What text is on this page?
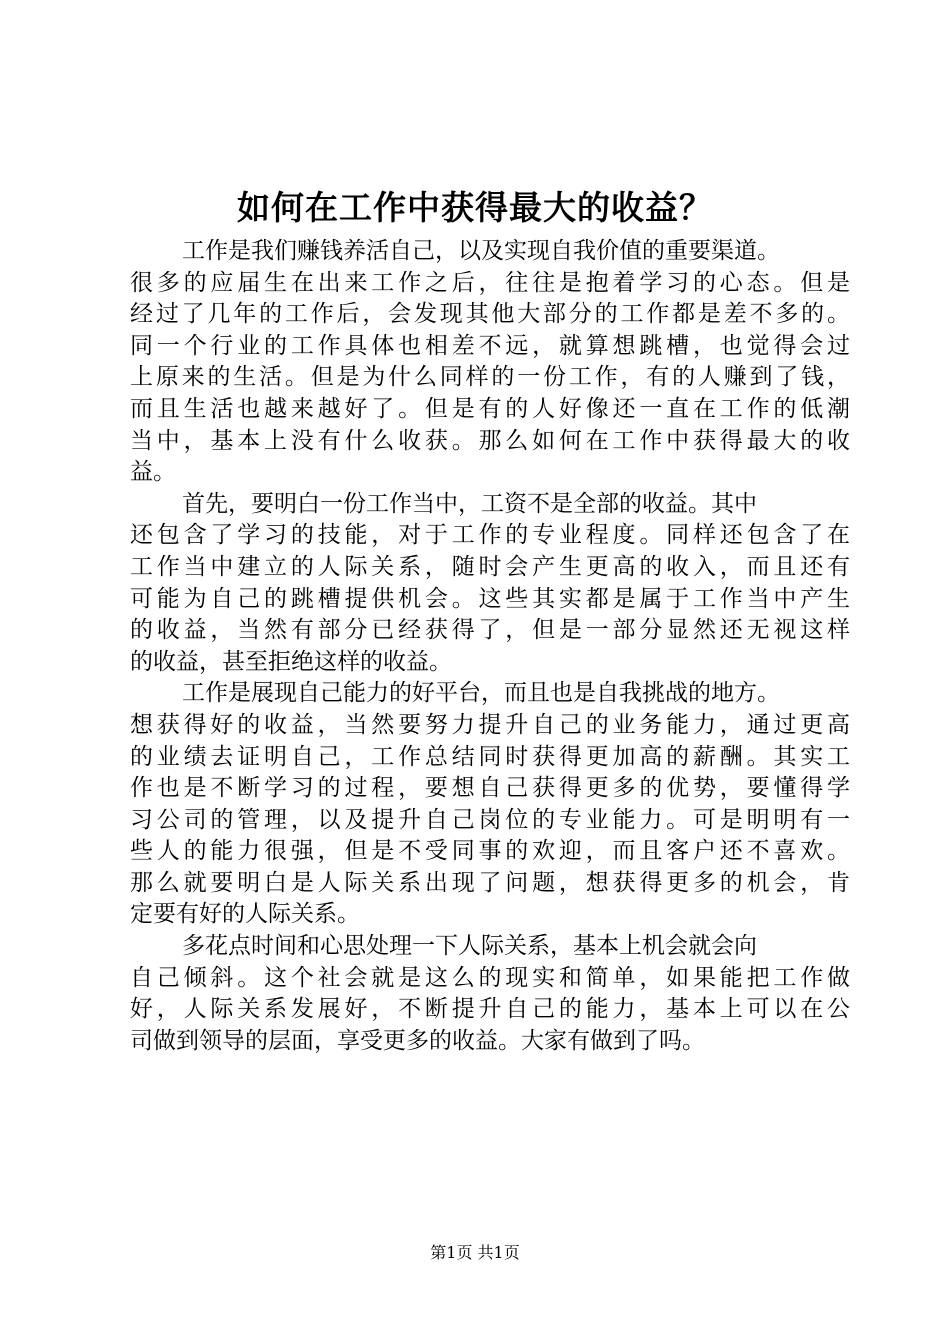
如何在工作中获得最大的收益？
工作是我们赚钱养活自己，以及实现自我价值的重要渠道。
很多的应届生在出来工作之后，往往是抱着学习的心态。但是
经过了几年的工作后，会发现其他大部分的工作都是差不多的。
同一个行业的工作具体也相差不远，就算想跳槽，也觉得会过
上原来的生活。但是为什么同样的一份工作，有的人赚到了钱，
而且生活也越来越好了。但是有的人好像还一直在工作的低潮
当中，基本上没有什么收获。那么如何在工作中获得最大的收
益。
首先，要明白一份工作当中，工资不是全部的收益。其中
还包含了学习的技能，对于工作的专业程度。同样还包含了在
工作当中建立的人际关系，随时会产生更高的收入，而且还有
可能为自己的跳槽提供机会。这些其实都是属于工作当中产生
的收益，当然有部分已经获得了，但是一部分显然还无视这样
的收益，甚至拒绝这样的收益。
工作是展现自己能力的好平台，而且也是自我挑战的地方。
想获得好的收益，当然要努力提升自己的业务能力，通过更高
的业绩去证明自己，工作总结同时获得更加高的薪酬。其实工
作也是不断学习的过程，要想自己获得更多的优势，要懂得学
习公司的管理，以及提升自己岗位的专业能力。可是明明有一
些人的能力很强，但是不受同事的欢迎，而且客户还不喜欢。
那么就要明白是人际关系出现了问题，想获得更多的机会，肯
定要有好的人际关系。
多花点时间和心思处理一下人际关系，基本上机会就会向
自己倾斜。这个社会就是这么的现实和简单，如果能把工作做
好，人际关系发展好，不断提升自己的能力，基本上可以在公
司做到领导的层面，享受更多的收益。大家有做到了吗。
第1页 共1页
